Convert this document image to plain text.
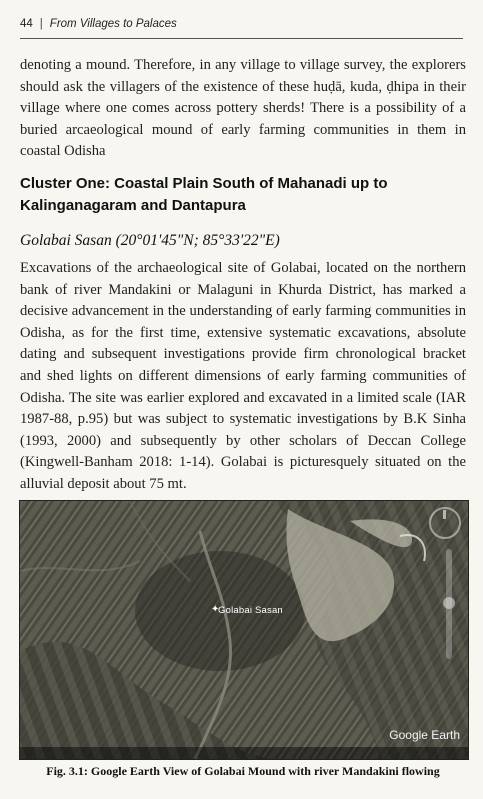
44 | From Villages to Palaces

denoting a mound. Therefore, in any village to village survey, the explorers should ask the villagers of the existence of these huḍā, kuda, ḍhipa in their village where one comes across pottery sherds! There is a possibility of a buried arcaeological mound of early farming communities in them in coastal Odisha

Cluster One: Coastal Plain South of Mahanadi up to Kalinganagaram and Dantapura
Golabai Sasan (20°01'45"N; 85°33'22"E)

Excavations of the archaeological site of Golabai, located on the northern bank of river Mandakini or Malaguni in Khurda District, has marked a decisive advancement in the understanding of early farming communities in Odisha, as for the first time, extensive systematic excavations, absolute dating and subsequent investigations provide firm chronological bracket and shed lights on different dimensions of early farming communities of Odisha. The site was earlier explored and excavated in a limited scale (IAR 1987-88, p.95) but was subject to systematic investigations by B.K Sinha (1993, 2000) and subsequently by other scholars of Deccan College (Kingwell-Banham 2018: 1-14). Golabai is picturesquely situated on the alluvial deposit about 75 mt.

✦
Golabai Sasan
Google Earth
Fig. 3.1: Google Earth View of Golabai Mound with river Mandakini flowing
